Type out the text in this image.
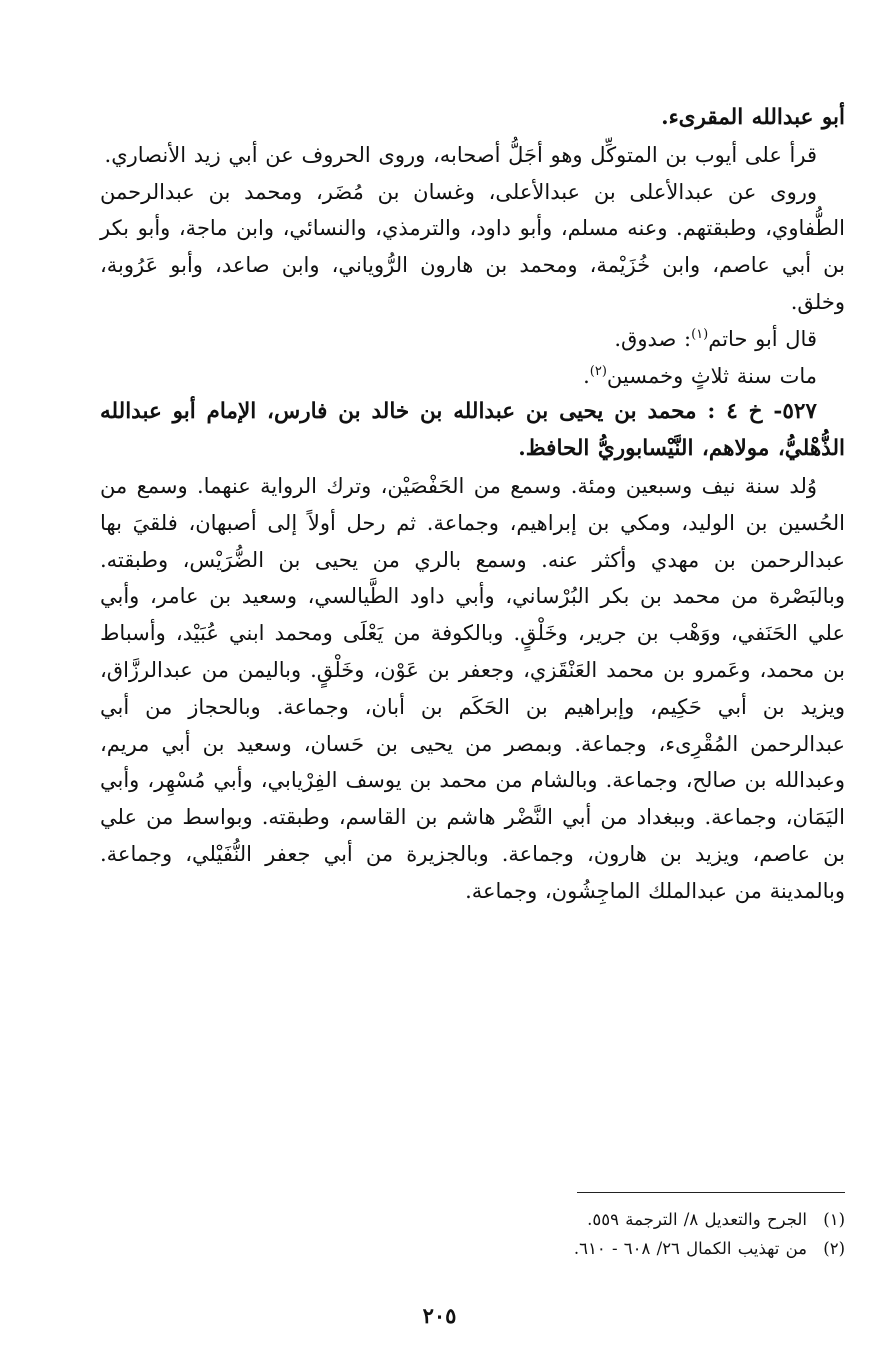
أبو عبدالله المقرىء.

قرأ على أيوب بن المتوكِّل وهو أجَلُّ أصحابه، وروى الحروف عن أبي زيد الأنصاري.

وروى عن عبدالأعلى بن عبدالأعلى، وغسان بن مُضَر، ومحمد بن عبدالرحمن الطُّفاوي، وطبقتهم. وعنه مسلم، وأبو داود، والترمذي، والنسائي، وابن ماجة، وأبو بكر بن أبي عاصم، وابن خُزَيْمة، ومحمد بن هارون الرُّوياني، وابن صاعد، وأبو عَرُوبة، وخلق.

قال أبو حاتم$^{(١)}$: صدوق.

مات سنة ثلاثٍ وخمسين$^{(٢)}$.

٥٢٧- خ ٤ : محمد بن يحيى بن عبدالله بن خالد بن فارس، الإمام أبو عبدالله الذُّهْليُّ، مولاهم، النَّيْسابوريُّ الحافظ.

وُلد سنة نيف وسبعين ومئة. وسمع من الحَفْصَيْن، وترك الرواية عنهما. وسمع من الحُسين بن الوليد، ومكي بن إبراهيم، وجماعة. ثم رحل أولاً إلى أصبهان، فلقيَ بها عبدالرحمن بن مهدي وأكثر عنه. وسمع بالري من يحيى بن الضُّرَيْس، وطبقته. وبالبَصْرة من محمد بن بكر البُرْساني، وأبي داود الطَّيالسي، وسعيد بن عامر، وأبي علي الحَنَفي، ووَهْب بن جرير، وخَلْقٍ. وبالكوفة من يَعْلَى ومحمد ابني عُبَيْد، وأسباط بن محمد، وعَمرو بن محمد العَنْقَزي، وجعفر بن عَوْن، وخَلْقٍ. وباليمن من عبدالرزَّاق، ويزيد بن أبي حَكِيم، وإبراهيم بن الحَكَم بن أبان، وجماعة. وبالحجاز من أبي عبدالرحمن المُقْرِىء، وجماعة. وبمصر من يحيى بن حَسان، وسعيد بن أبي مريم، وعبدالله بن صالح، وجماعة. وبالشام من محمد بن يوسف الفِرْيابي، وأبي مُسْهِر، وأبي اليَمَان، وجماعة. وببغداد من أبي النَّضْر هاشم بن القاسم، وطبقته. وبواسط من علي بن عاصم، ويزيد بن هارون، وجماعة. وبالجزيرة من أبي جعفر النُّفَيْلي، وجماعة. وبالمدينة من عبدالملك الماجِشُون، وجماعة.

(١)الجرح والتعديل ٨/ الترجمة ٥٥٩.

(٢)من تهذيب الكمال ٢٦/ ٦٠٨ - ٦١٠.

٢٠٥
